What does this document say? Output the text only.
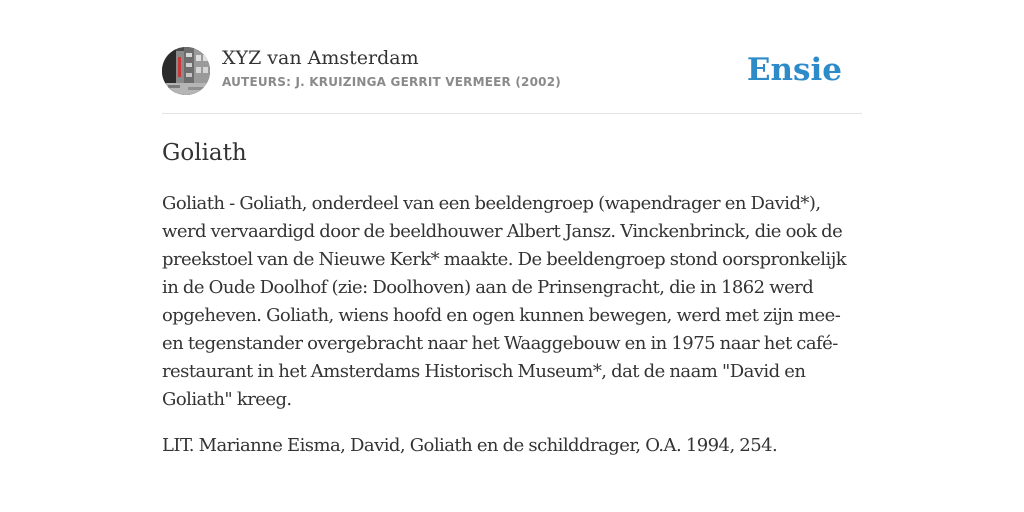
XYZ van Amsterdam
AUTEURS: J. KRUIZINGA GERRIT VERMEER (2002)	Ensie
Goliath

Goliath - Goliath, onderdeel van een beeldengroep (wapendrager en David*), werd vervaardigd door de beeldhouwer Albert Jansz. Vinckenbrinck, die ook de preekstoel van de Nieuwe Kerk* maakte. De beeldengroep stond oorspronkelijk in de Oude Doolhof (zie: Doolhoven) aan de Prinsengracht, die in 1862 werd opgeheven. Goliath, wiens hoofd en ogen kunnen bewegen, werd met zijn meeen tegenstander overgebracht naar het Waaggebouw en in 1975 naar het caférestaurant in het Amsterdams Historisch Museum*, dat de naam "David en Goliath" kreeg.

LIT. Marianne Eisma, David, Goliath en de schilddrager, O.A. 1994, 254.
